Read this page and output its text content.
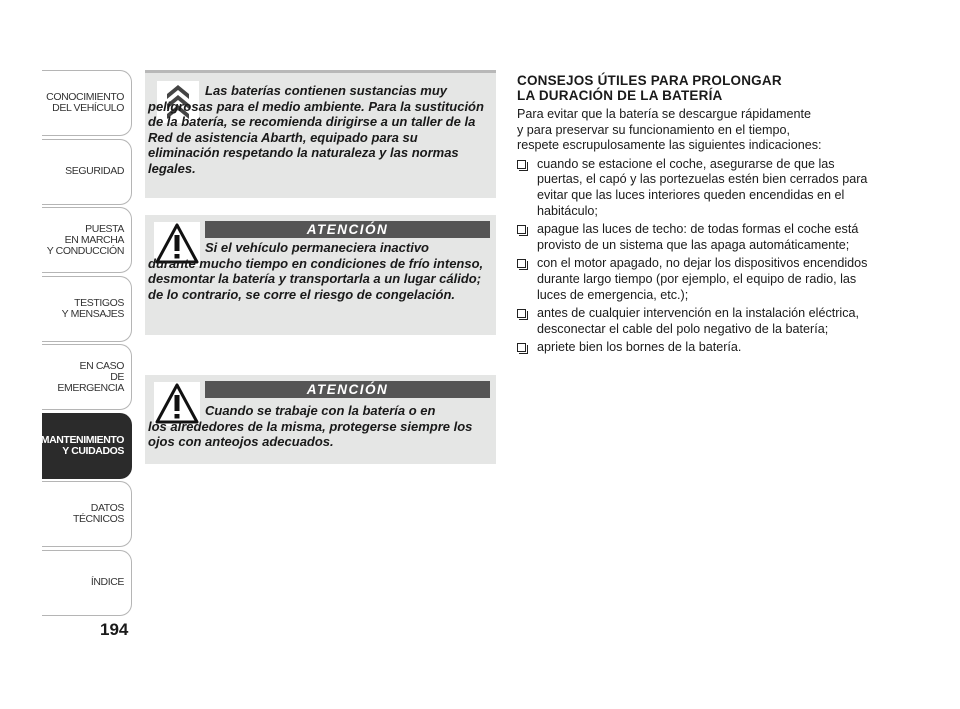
CONOCIMIENTO
DEL VEHÍCULO
SEGURIDAD
PUESTA
EN MARCHA
Y CONDUCCIÓN
TESTIGOS
Y MENSAJES
EN CASO
DE EMERGENCIA
MANTENIMIENTO
Y CUIDADOS
DATOS TÉCNICOS
ÍNDICE
194
Las baterías contienen sustancias muy
peligrosas para el medio ambiente. Para la sustitución de la batería, se recomienda dirigirse a un taller de la Red de asistencia Abarth, equipado para su eliminación respetando la naturaleza y las normas legales.
ATENCIÓN
Si el vehículo permaneciera inactivo
durante mucho tiempo en condiciones de frío intenso, desmontar la batería y transportarla a un lugar cálido; de lo contrario, se corre el riesgo de congelación.
ATENCIÓN
Cuando se trabaje con la batería o en
los alrededores de la misma, protegerse siempre los ojos con anteojos adecuados.
CONSEJOS ÚTILES PARA PROLONGAR
LA DURACIÓN DE LA BATERÍA

Para evitar que la batería se descargue rápidamente
y para preservar su funcionamiento en el tiempo,
respete escrupulosamente las siguientes indicaciones:

cuando se estacione el coche, asegurarse de que las puertas, el capó y las portezuelas estén bien cerrados para evitar que las luces interiores queden encendidas en el habitáculo;
apague las luces de techo: de todas formas el coche está provisto de un sistema que las apaga automáticamente;
con el motor apagado, no dejar los dispositivos encendidos durante largo tiempo (por ejemplo, el equipo de radio, las luces de emergencia, etc.);
antes de cualquier intervención en la instalación eléctrica, desconectar el cable del polo negativo de la batería;
apriete bien los bornes de la batería.
